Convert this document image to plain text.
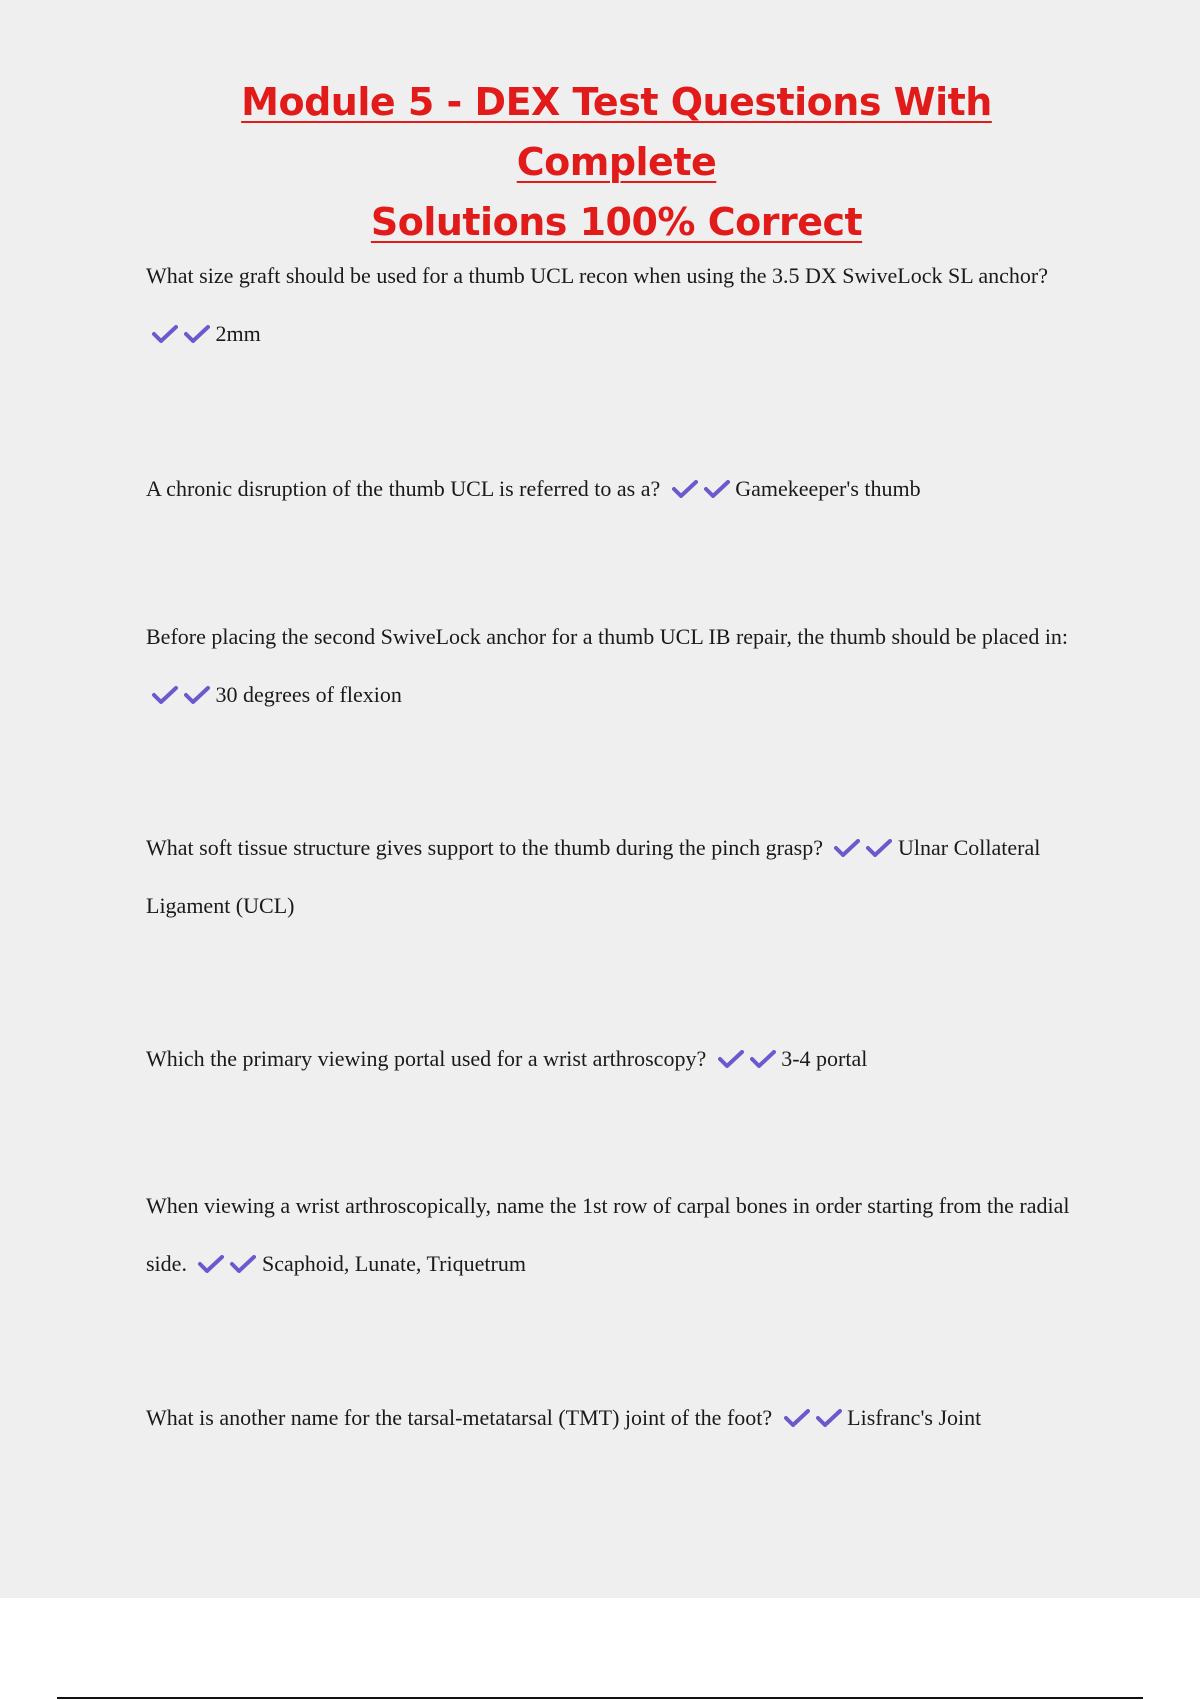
Module 5 - DEX Test Questions With Complete
Solutions 100% Correct

What size graft should be used for a thumb UCL recon when using the 3.5 DX SwiveLock SL anchor?  2mm

A chronic disruption of the thumb UCL is referred to as a?	Gamekeeper's thumb

Before placing the second SwiveLock anchor for a thumb UCL IB repair, the thumb should be placed in:  30 degrees of flexion

What soft tissue structure gives support to the thumb during the pinch grasp?	Ulnar Collateral Ligament (UCL)

Which the primary viewing portal used for a wrist arthroscopy?	3-4 portal

When viewing a wrist arthroscopically, name the 1st row of carpal bones in order starting from the radial side.	Scaphoid, Lunate, Triquetrum

What is another name for the tarsal-metatarsal (TMT) joint of the foot?	Lisfranc's Joint
